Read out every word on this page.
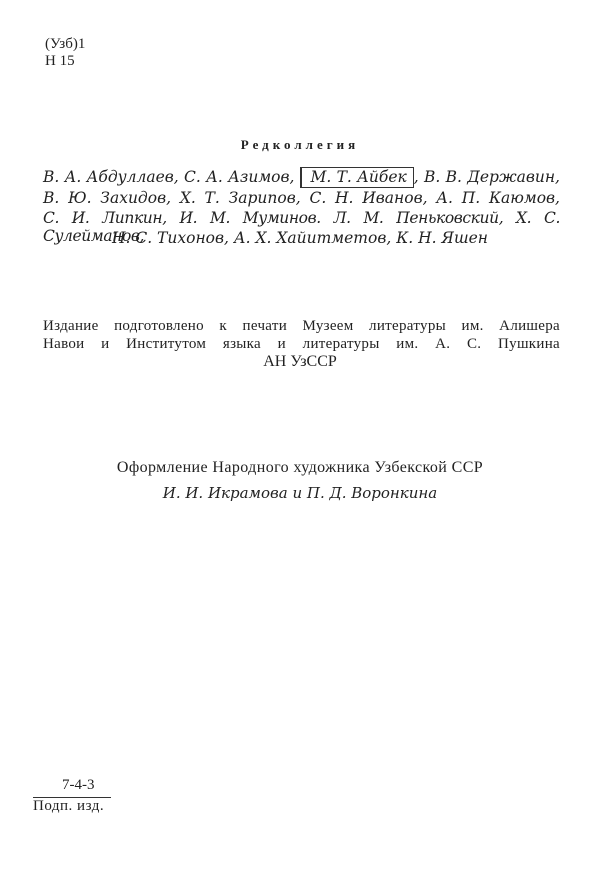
(Узб)1
Н 15
Редколлегия
В. А. Абдуллаев, С. А. Азимов, М. Т. Айбек , В. В. Державин,
В. Ю. Захидов, Х. Т. Зарипов, С. Н. Иванов, А. П. Каюмов,
С. И. Липкин, И. М. Муминов. Л. М. Пеньковский, Х. С. Сулейманов,
Н. С. Тихонов, А. Х. Хайитметов, К. Н. Яшен
Издание подготовлено к печати Музеем литературы им. Алишера
Навои и Институтом языка и литературы им. А. С. Пушкина
АН УзССР
Оформление Народного художника Узбекской ССР
И. И. Икрамова и П. Д. Воронкина
7-4-3
Подп. изд.
